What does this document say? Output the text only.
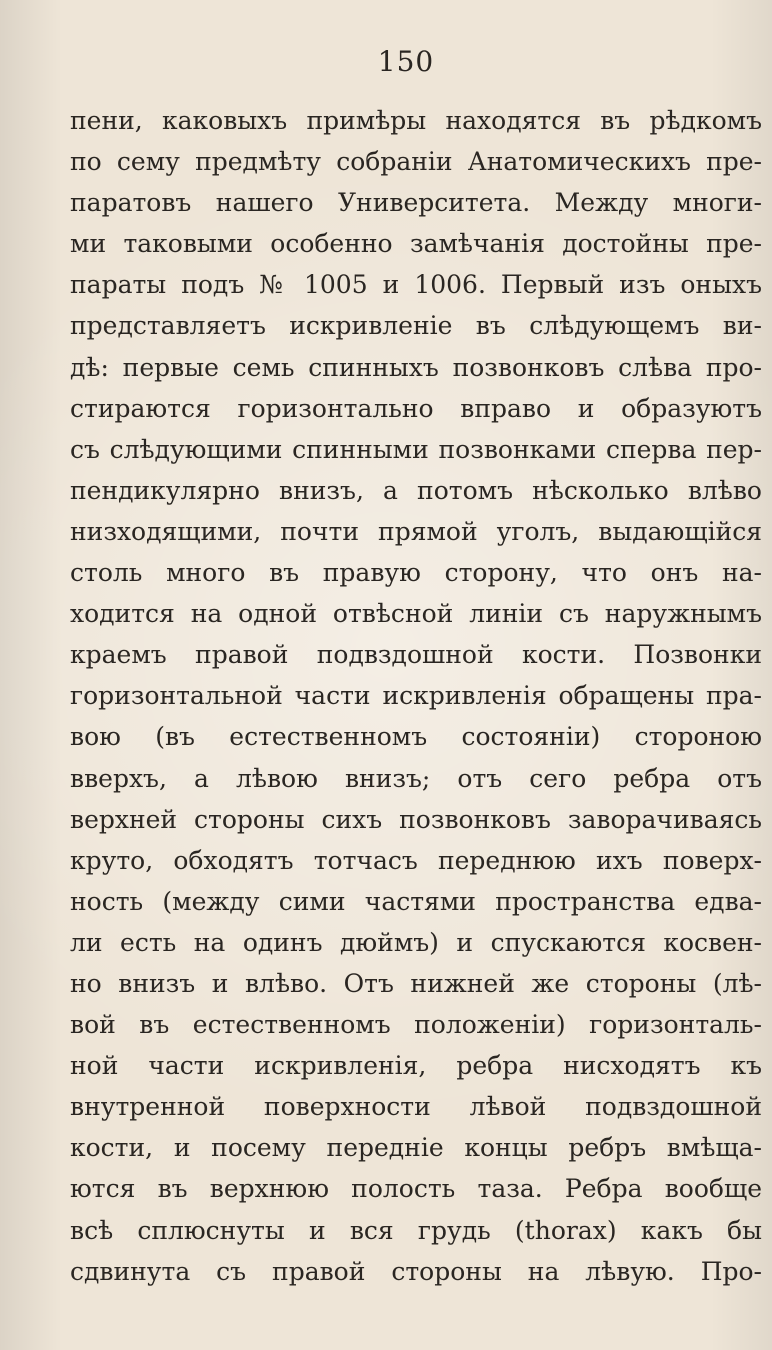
150
пени, каковыхъ примѣры находятся въ рѣдкомъ
по сему предмѣту собраніи Анатомическихъ пре-
паратовъ нашего Университета. Между многи-
ми таковыми особенно замѣчанія достойны пре-
параты подъ № 1005 и 1006. Первый изъ оныхъ
представляетъ искривленіе въ слѣдующемъ ви-
дѣ: первые семь спинныхъ позвонковъ слѣва про-
стираются горизонтально вправо и образуютъ
съ слѣдующими спинными позвонками сперва пер-
пендикулярно внизъ, а потомъ нѣсколько влѣво
низходящими, почти прямой уголъ, выдающійся
столь много въ правую сторону, что онъ на-
ходится на одной отвѣсной линіи съ наружнымъ
краемъ правой подвздошной кости. Позвонки
горизонтальной части искривленія обращены пра-
вою (въ естественномъ состояніи) стороною
вверхъ, а лѣвою внизъ; отъ сего ребра отъ
верхней стороны сихъ позвонковъ заворачиваясь
круто, обходятъ тотчасъ переднюю ихъ поверх-
ность (между сими частями пространства едва-
ли есть на одинъ дюймъ) и спускаются косвен-
но внизъ и влѣво. Отъ нижней же стороны (лѣ-
вой въ естественномъ положеніи) горизонталь-
ной части искривленія, ребра нисходятъ къ
внутренной поверхности лѣвой подвздошной
кости, и посему передніе концы ребръ вмѣща-
ются въ верхнюю полость таза. Ребра вообще
всѣ сплюснуты и вся грудь (thorax) какъ бы
сдвинута съ правой стороны на лѣвую. Про-
